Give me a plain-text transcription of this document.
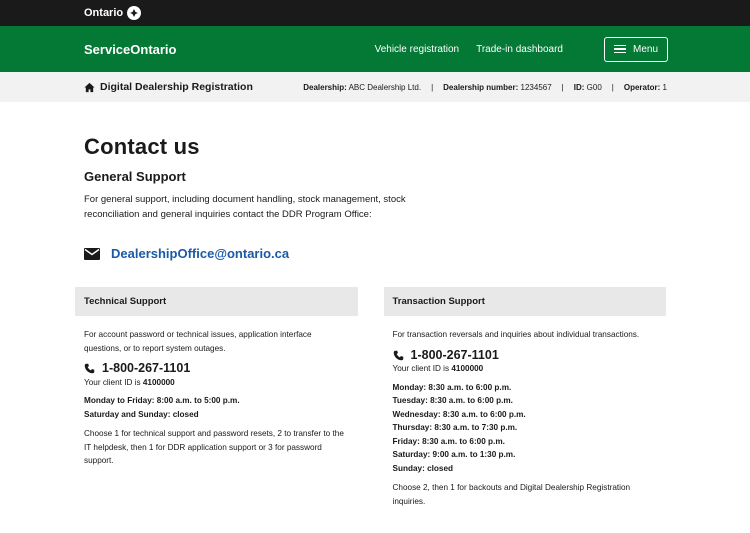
Ontario
ServiceOntario	Vehicle registration Trade-in dashboard	Menu
Digital Dealership Registration	Dealership: ABC Dealership Ltd. | Dealership number: 1234567 | ID: G00 | Operator: 1
Contact us
General Support

For general support, including document handling, stock management, stock reconciliation and general inquiries contact the DDR Program Office:

DealershipOffice@ontario.ca
Technical Support

For account password or technical issues, application interface questions, or to report system outages.

1-800-267-1101
Your client ID is 4100000
Monday to Friday: 8:00 a.m. to 5:00 p.m.
Saturday and Sunday: closed

Choose 1 for technical support and password resets, 2 to transfer to the IT helpdesk, then 1 for DDR application support or 3 for password support.

Transaction Support

For transaction reversals and inquiries about individual transactions.

1-800-267-1101
Your client ID is 4100000
Monday: 8:30 a.m. to 6:00 p.m.
Tuesday: 8:30 a.m. to 6:00 p.m.
Wednesday: 8:30 a.m. to 6:00 p.m.
Thursday: 8:30 a.m. to 7:30 p.m.
Friday: 8:30 a.m. to 6:00 p.m.
Saturday: 9:00 a.m. to 1:30 p.m.
Sunday: closed

Choose 2, then 1 for backouts and Digital Dealership Registration inquiries.
